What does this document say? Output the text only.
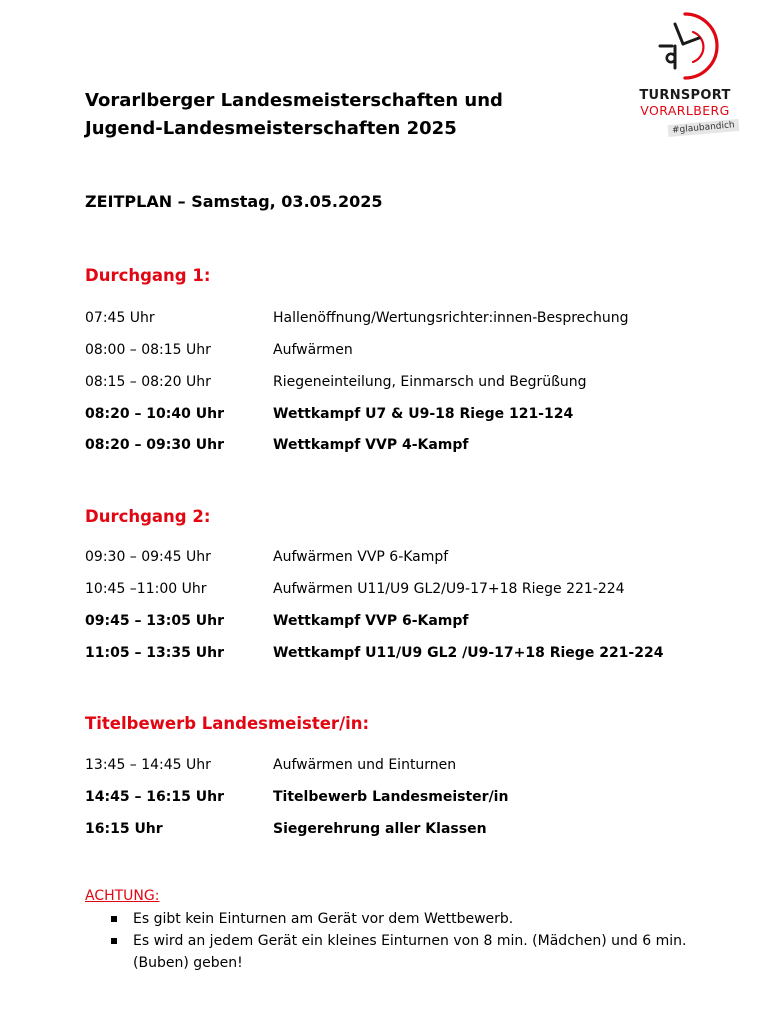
TURNSPORT
VORARLBERG
#glaubandich
Vorarlberger Landesmeisterschaften und
Jugend-Landesmeisterschaften 2025
ZEITPLAN – Samstag, 03.05.2025
Durchgang 1:
07:45 Uhr	Hallenöffnung/Wertungsrichter:innen-Besprechung
08:00 – 08:15 Uhr	Aufwärmen
08:15 – 08:20 Uhr	Riegeneinteilung, Einmarsch und Begrüßung
08:20 – 10:40 Uhr	Wettkampf U7 & U9-18 Riege 121-124
08:20 – 09:30 Uhr	Wettkampf VVP 4-Kampf
Durchgang 2:
09:30 – 09:45 Uhr	Aufwärmen VVP 6-Kampf
10:45 –11:00 Uhr	Aufwärmen U11/U9 GL2/U9-17+18 Riege 221-224
09:45 – 13:05 Uhr	Wettkampf VVP 6-Kampf
11:05 – 13:35 Uhr	Wettkampf U11/U9 GL2 /U9-17+18 Riege 221-224
Titelbewerb Landesmeister/in:
13:45 – 14:45 Uhr	Aufwärmen und Einturnen
14:45 – 16:15 Uhr	Titelbewerb Landesmeister/in
16:15 Uhr	Siegerehrung aller Klassen
ACHTUNG:
Es gibt kein Einturnen am Gerät vor dem Wettbewerb.
Es wird an jedem Gerät ein kleines Einturnen von 8 min. (Mädchen) und 6 min. (Buben) geben!
